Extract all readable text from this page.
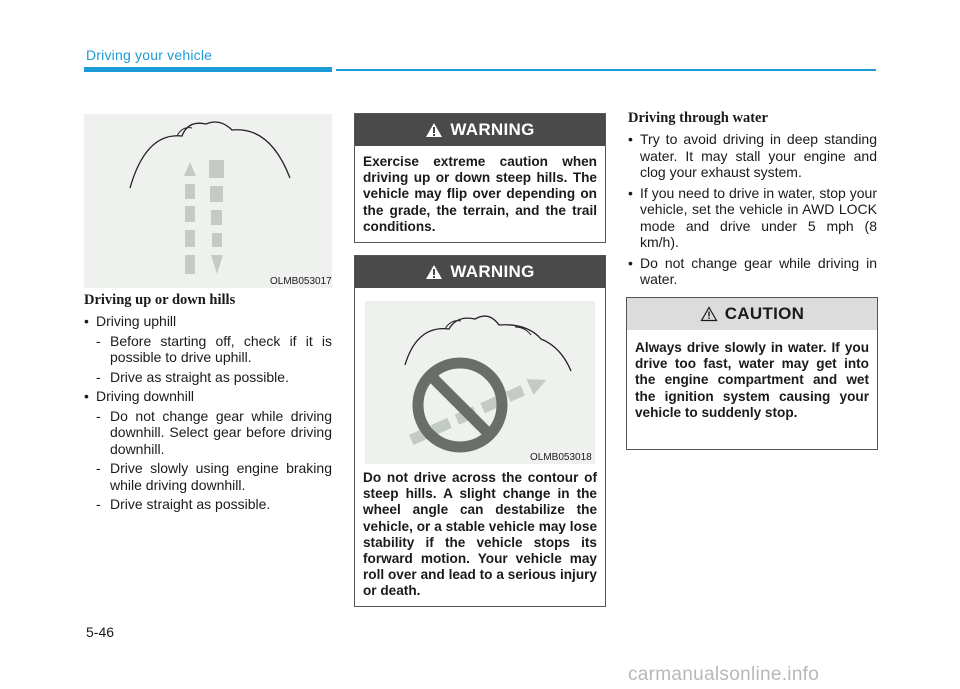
Driving your vehicle
OLMB053017
Driving up or down hills
• Driving uphill
- Before starting off, check if it is possible to drive uphill.
- Drive as straight as possible.
• Driving downhill
- Do not change gear while driving downhill. Select gear before driving downhill.
- Drive slowly using engine braking while driving downhill.
- Drive straight as possible.
WARNING
Exercise extreme caution when driving up or down steep hills. The vehicle may flip over depending on the grade, the terrain, and the trail conditions.
WARNING
OLMB053018
Do not drive across the contour of steep hills. A slight change in the wheel angle can destabilize the vehicle, or a stable vehicle may lose stability if the vehicle stops its forward motion. Your vehicle may roll over and lead to a serious injury or death.
Driving through water
• Try to avoid driving in deep standing water. It may stall your engine and clog your exhaust system.
• If you need to drive in water, stop your vehicle, set the vehicle in AWD LOCK mode and drive under 5 mph (8 km/h).
• Do not change gear while driving in water.
CAUTION
Always drive slowly in water. If you drive too fast, water may get into the engine compartment and wet the ignition system causing your vehicle to suddenly stop.
5-46
carmanualsonline.info
